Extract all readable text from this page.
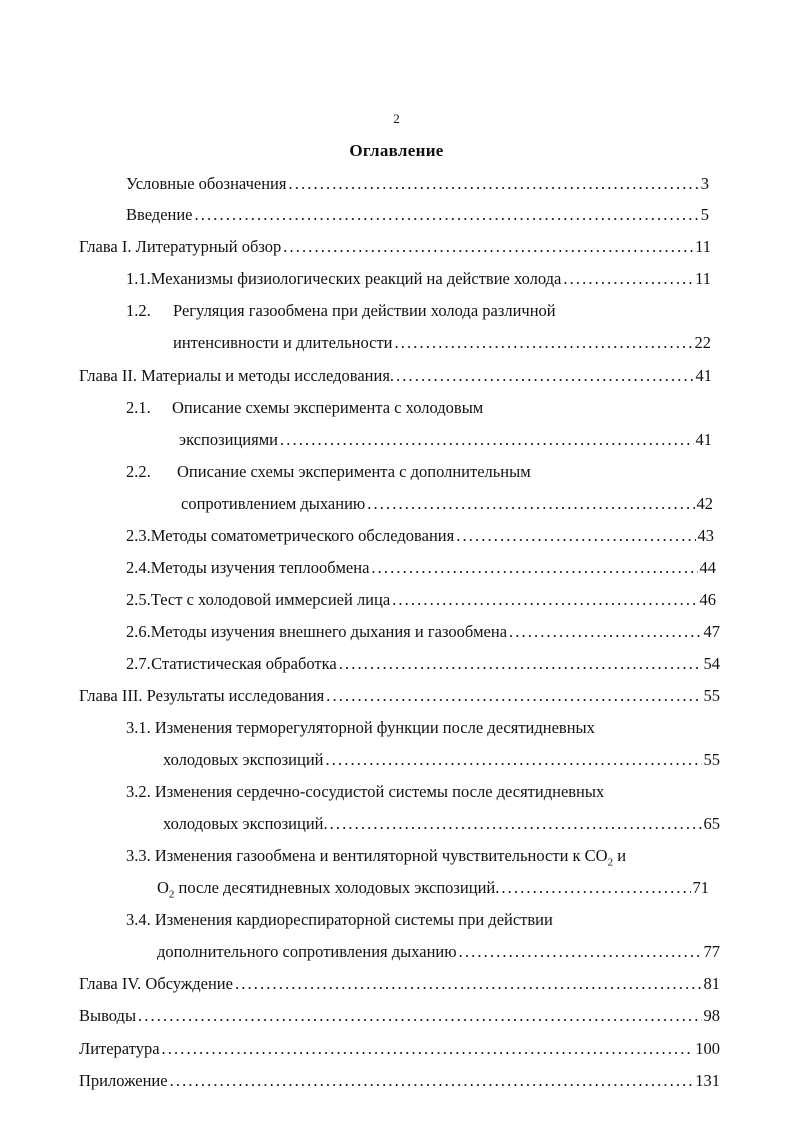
2
Оглавление
Условные обозначения . . .	3
Введение . . .	5
Глава I. Литературный обзор . . .	11
1.1. Механизмы физиологических реакций на действие холода . . .	11
1.2. Регуляция газообмена при действии холода различной
интенсивности и длительности . . .	22
Глава II. Материалы и методы исследования. . . .	41
2.1. Описание схемы эксперимента с холодовым
экспозициями . . .	41
2.2. Описание схемы эксперимента с дополнительным
сопротивлением дыханию . . .	42
2.3. Методы соматометрического обследования . . .	43
2.4. Методы изучения теплообмена . . .	44
2.5. Тест с холодовой иммерсией лица . . .	46
2.6. Методы изучения внешнего дыхания и газообмена . . .	47
2.7. Статистическая обработка . . .	54
Глава III. Результаты исследования . . .	55
3.1. Изменения терморегуляторной функции после десятидневных
холодовых экспозиций . . .	55
3.2. Изменения сердечно-сосудистой системы после десятидневных
холодовых экспозиций. . . .	65
3.3. Изменения газообмена и вентиляторной чувствительности к $CO_2$ и
$O_2$ после десятидневных холодовых экспозиций. . . .	71
3.4. Изменения кардиореспираторной системы при действии
дополнительного сопротивления дыханию . . .	77
Глава IV. Обсуждение . . .	81
Выводы . . .	98
Литература . . .	100
Приложение . . .	131
